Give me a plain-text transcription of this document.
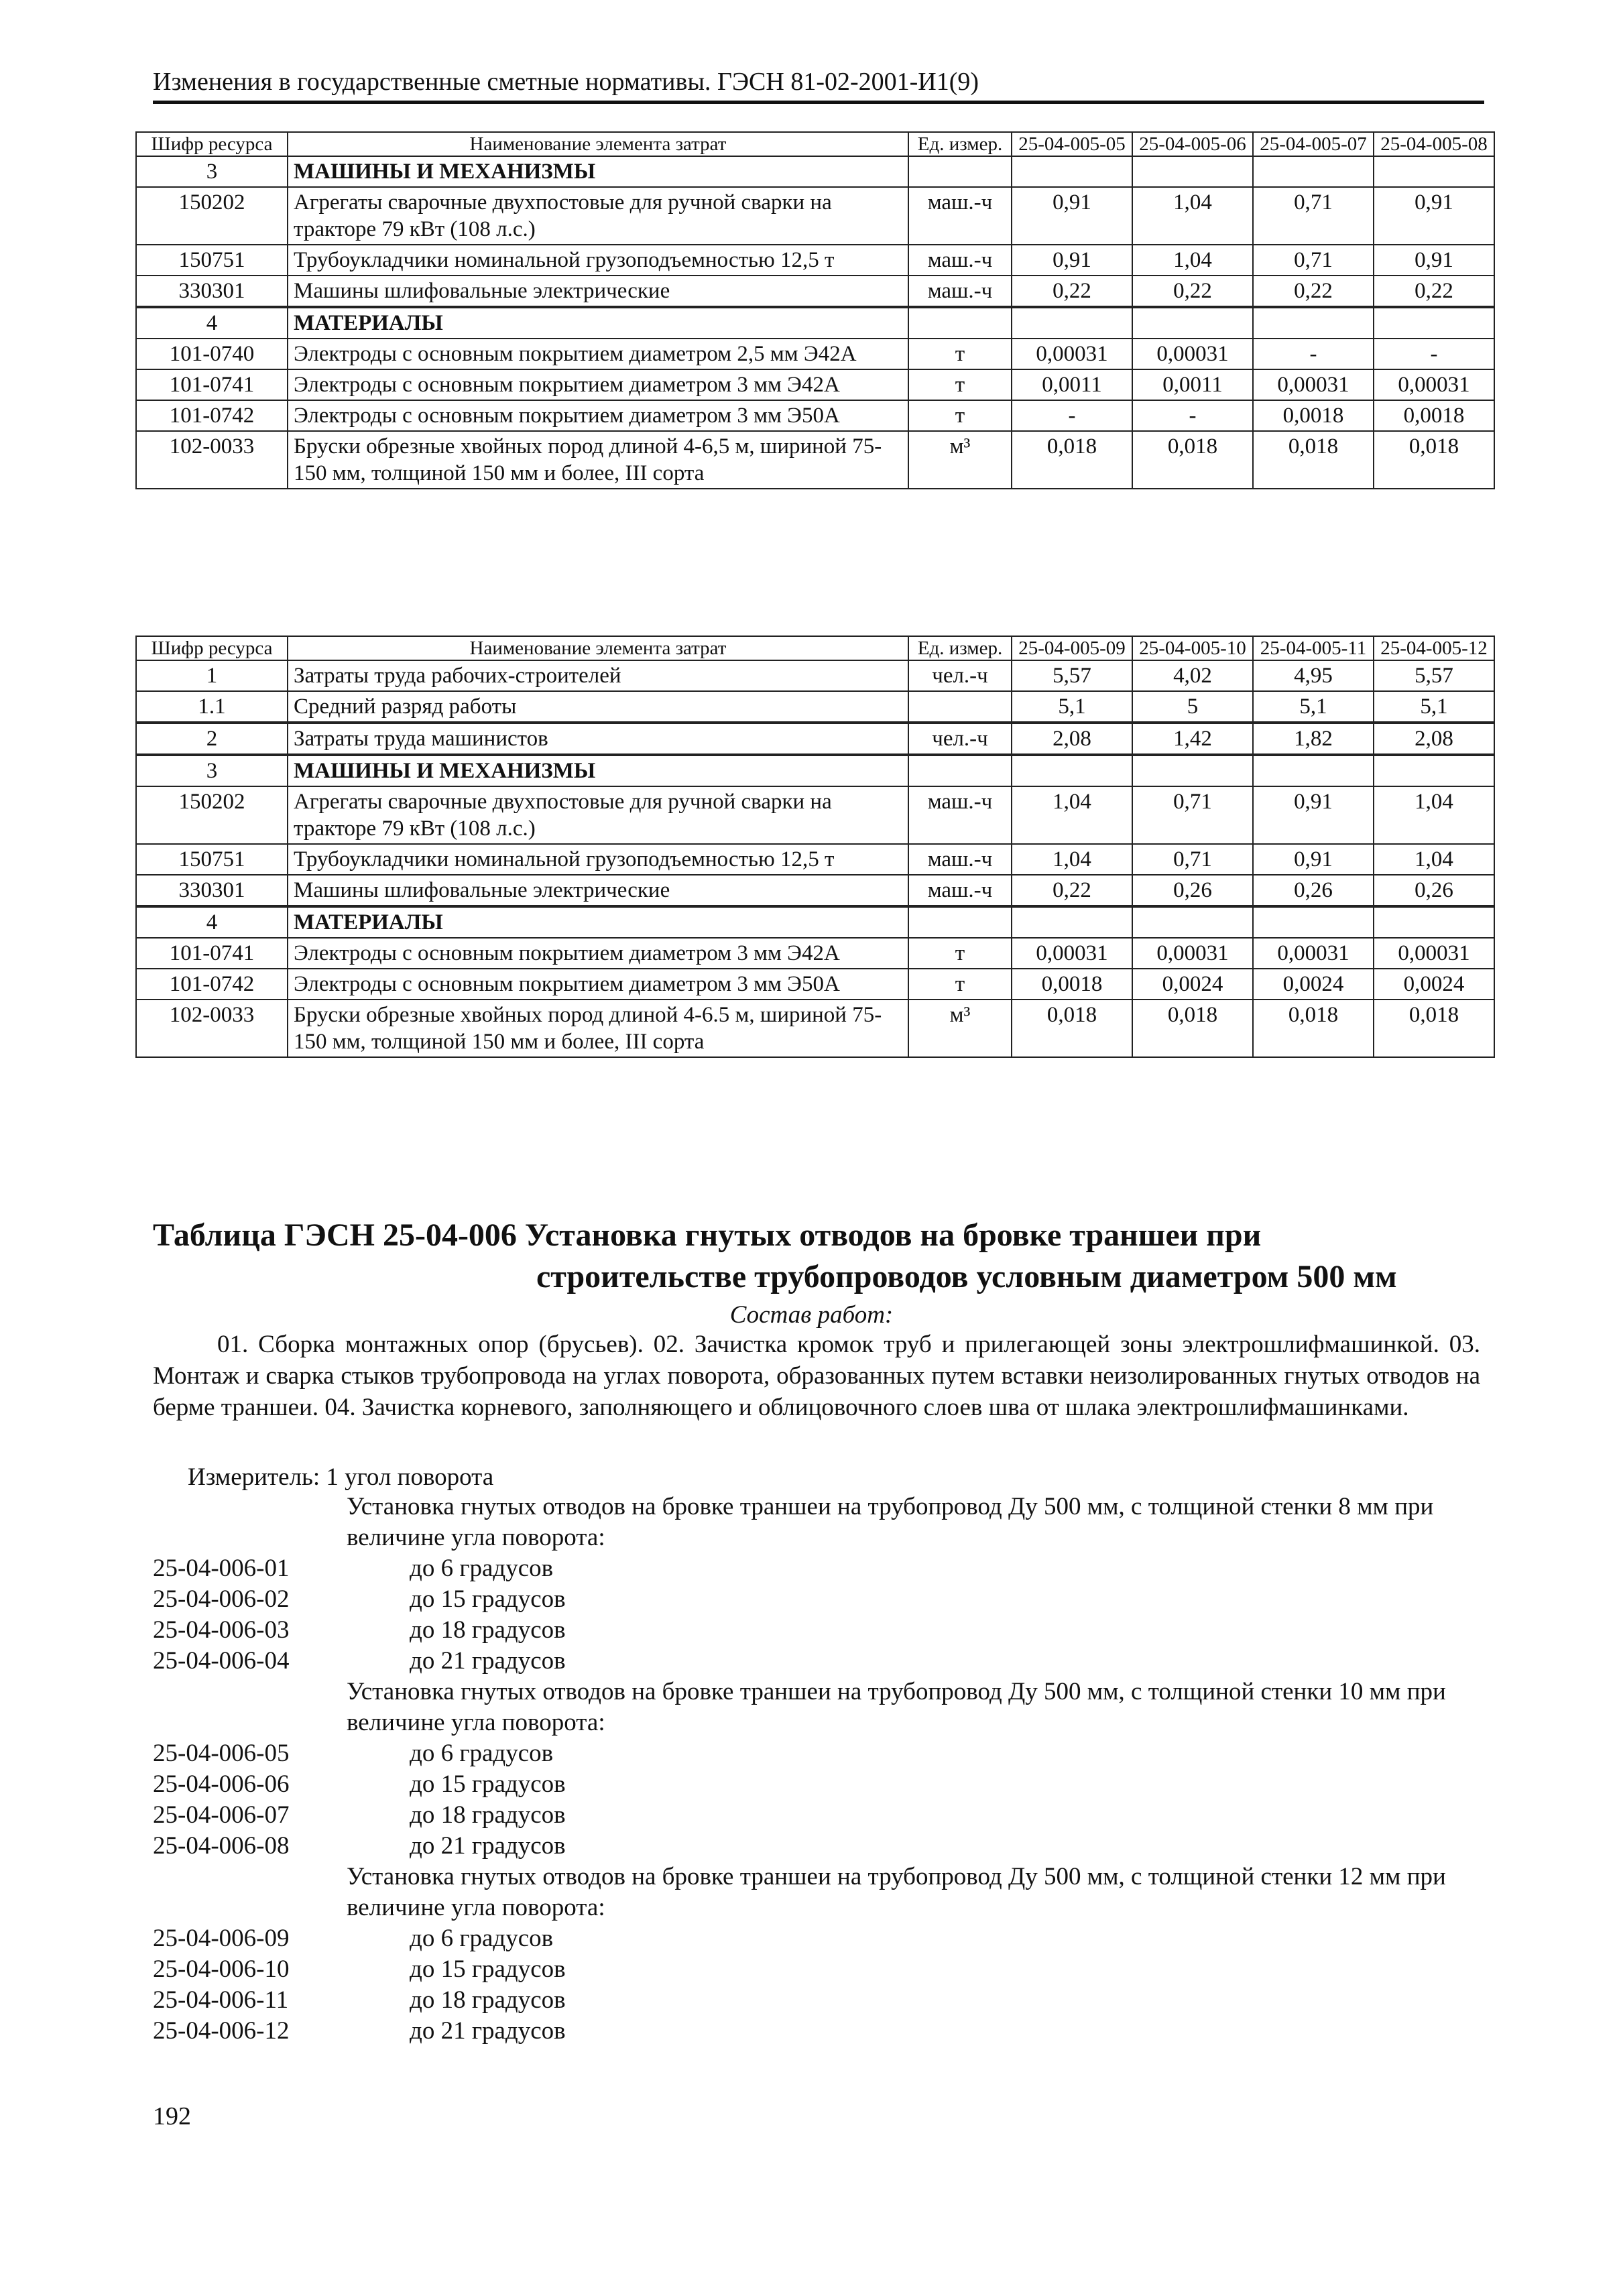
Изменения в государственные сметные нормативы. ГЭСН 81-02-2001-И1(9)
Шифр ресурса	Наименование элемента затрат	Ед. измер.	25-04-005-05	25-04-005-06	25-04-005-07	25-04-005-08
3	МАШИНЫ И МЕХАНИЗМЫ					
150202	Агрегаты сварочные двухпостовые для ручной сварки на тракторе 79 кВт (108 л.с.)	маш.-ч	0,91	1,04	0,71	0,91
150751	Трубоукладчики номинальной грузоподъемностью 12,5 т	маш.-ч	0,91	1,04	0,71	0,91
330301	Машины шлифовальные электрические	маш.-ч	0,22	0,22	0,22	0,22
4	МАТЕРИАЛЫ					
101-0740	Электроды с основным покрытием диаметром 2,5 мм Э42А	т	0,00031	0,00031	-	-
101-0741	Электроды с основным покрытием диаметром 3 мм Э42А	т	0,0011	0,0011	0,00031	0,00031
101-0742	Электроды с основным покрытием диаметром 3 мм Э50А	т	-	-	0,0018	0,0018
102-0033	Бруски обрезные хвойных пород длиной 4-6,5 м, шириной 75-150 мм, толщиной 150 мм и более, III сорта	м³	0,018	0,018	0,018	0,018
Шифр ресурса	Наименование элемента затрат	Ед. измер.	25-04-005-09	25-04-005-10	25-04-005-11	25-04-005-12
1	Затраты труда рабочих-строителей	чел.-ч	5,57	4,02	4,95	5,57
1.1	Средний разряд работы		5,1	5	5,1	5,1
2	Затраты труда машинистов	чел.-ч	2,08	1,42	1,82	2,08
3	МАШИНЫ И МЕХАНИЗМЫ					
150202	Агрегаты сварочные двухпостовые для ручной сварки на тракторе 79 кВт (108 л.с.)	маш.-ч	1,04	0,71	0,91	1,04
150751	Трубоукладчики номинальной грузоподъемностью 12,5 т	маш.-ч	1,04	0,71	0,91	1,04
330301	Машины шлифовальные электрические	маш.-ч	0,22	0,26	0,26	0,26
4	МАТЕРИАЛЫ					
101-0741	Электроды с основным покрытием диаметром 3 мм Э42А	т	0,00031	0,00031	0,00031	0,00031
101-0742	Электроды с основным покрытием диаметром 3 мм Э50А	т	0,0018	0,0024	0,0024	0,0024
102-0033	Бруски обрезные хвойных пород длиной 4-6.5 м, шириной 75-150 мм, толщиной 150 мм и более, III сорта	м³	0,018	0,018	0,018	0,018
Таблица ГЭСН 25-04-006 Установка гнутых отводов на бровке траншеи при
строительстве трубопроводов условным диаметром 500 мм
Состав работ:
01. Сборка монтажных опор (брусьев). 02. Зачистка кромок труб и прилегающей зоны электрошлифмашинкой. 03. Монтаж и сварка стыков трубопровода на углах поворота, образованных путем вставки неизолированных гнутых отводов на берме траншеи. 04. Зачистка корневого, заполняющего и облицовочного слоев шва от шлака электрошлифмашинками.
Измеритель: 1 угол поворота
Установка гнутых отводов на бровке траншеи на трубопровод Ду 500 мм, с толщиной стенки 8 мм при величине угла поворота:
25-04-006-01	до 6 градусов
25-04-006-02	до 15 градусов
25-04-006-03	до 18 градусов
25-04-006-04	до 21 градусов
Установка гнутых отводов на бровке траншеи на трубопровод Ду 500 мм, с толщиной стенки 10 мм при величине угла поворота:
25-04-006-05	до 6 градусов
25-04-006-06	до 15 градусов
25-04-006-07	до 18 градусов
25-04-006-08	до 21 градусов
Установка гнутых отводов на бровке траншеи на трубопровод Ду 500 мм, с толщиной стенки 12 мм при величине угла поворота:
25-04-006-09	до 6 градусов
25-04-006-10	до 15 градусов
25-04-006-11	до 18 градусов
25-04-006-12	до 21 градусов
192
